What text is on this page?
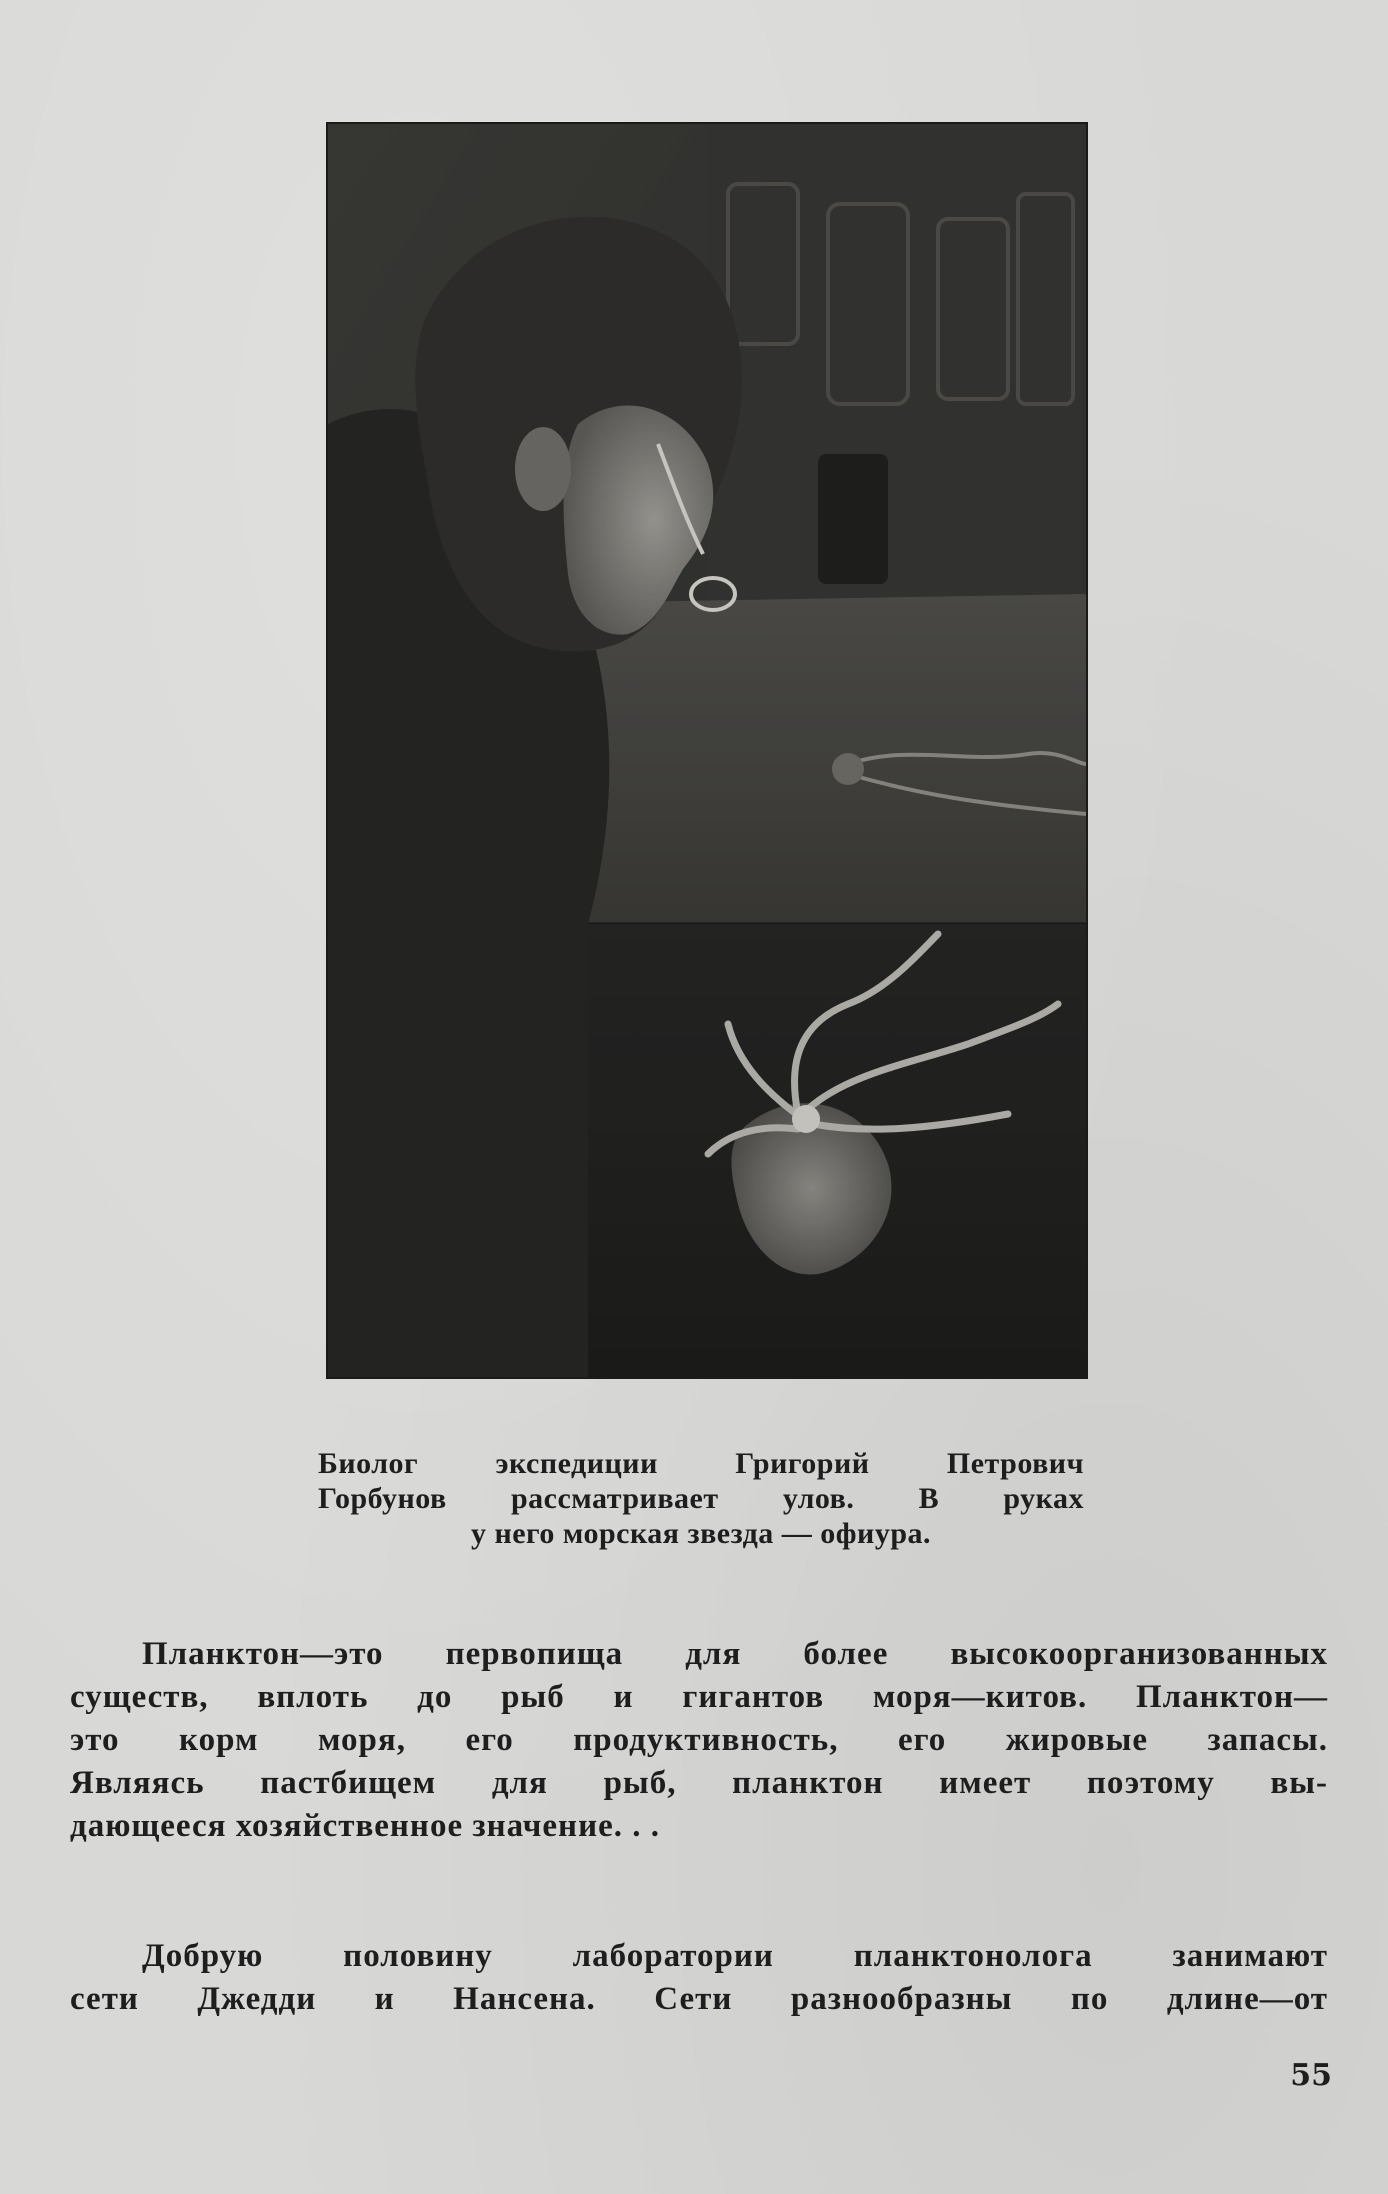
Биолог экспедиции Григорий Петрович
Горбунов рассматривает улов. В руках
у него морская звезда — офиура.
Планктон—это первопища для более высокоорганизованных
существ, вплоть до рыб и гигантов моря—китов. Планктон—
это корм моря, его продуктивность, его жировые запасы.
Являясь пастбищем для рыб, планктон имеет поэтому вы-
дающееся хозяйственное значение. . .
Добрую половину лаборатории планктонолога занимают
сети Джедди и Нансена. Сети разнообразны по длине—от
55
